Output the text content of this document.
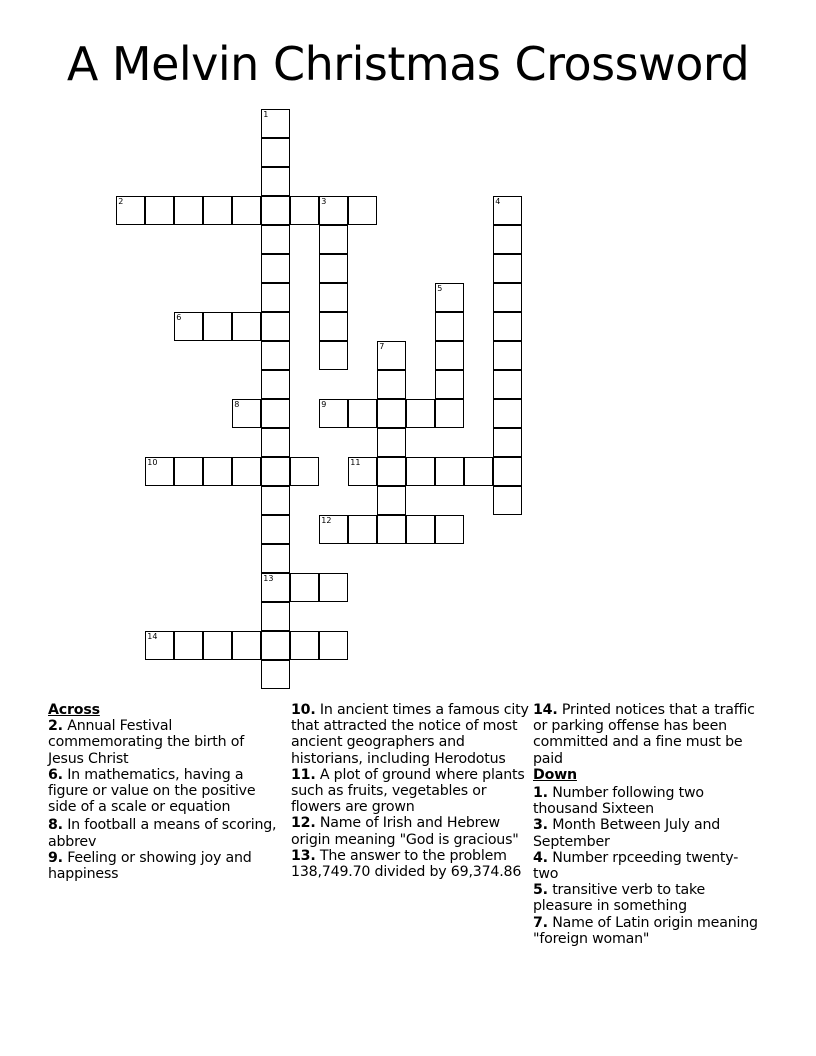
A Melvin Christmas Crossword
1
13
2	3	4
5
6
7
8	9
10	11
12
14
Across
2. Annual Festival commemorating the birth of Jesus Christ
6. In mathematics, having a figure or value on the positive side of a scale or equation
8. In football a means of scoring, abbrev
9. Feeling or showing joy and happiness
10. In ancient times a famous city that attracted the notice of most ancient geographers and historians, including Herodotus
11. A plot of ground where plants such as fruits, vegetables or flowers are grown
12. Name of Irish and Hebrew origin meaning "God is gracious"
13. The answer to the problem 138,749.70 divided by 69,374.86
14. Printed notices that a traffic or parking offense has been committed and a fine must be paid
Down
1. Number following two thousand Sixteen
3. Month Between July and September
4. Number rpceeding twenty-two
5. transitive verb to take pleasure in something
7. Name of Latin origin meaning "foreign woman"
